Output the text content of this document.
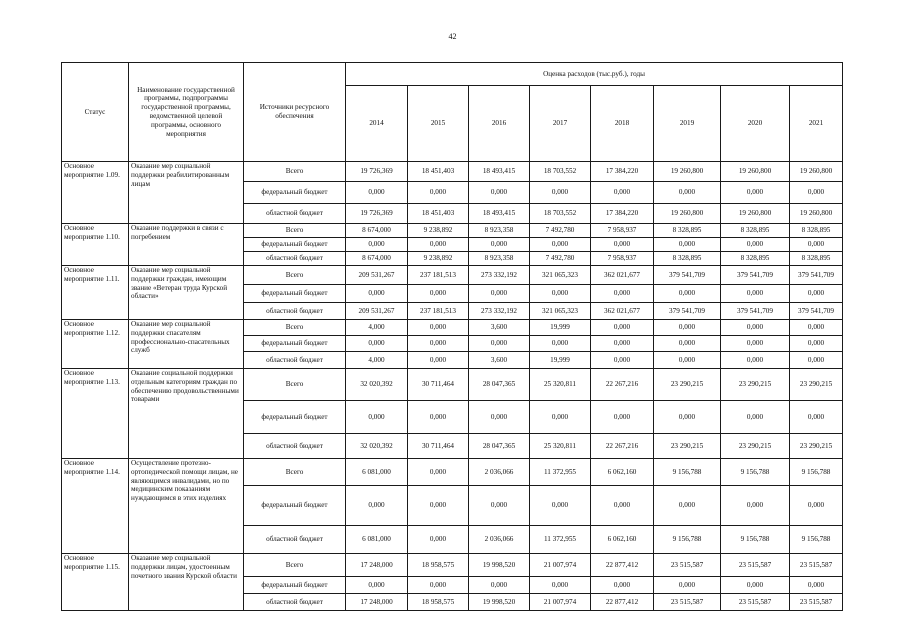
42
Статус	Наименование государственной программы, подпрограммы государственной программы, ведомственной целевой программы, основного мероприятия	Источники ресурсного обеспечения	Оценка расходов (тыс.руб.), годы							
			2014	2015	2016	2017	2018	2019	2020	2021
Основное мероприятие 1.09.	Оказание мер социальной поддержки реабилитированным лицам	Всего	19 726,369	18 451,403	18 493,415	18 703,552	17 384,220	19 260,800	19 260,800	19 260,800
		федеральный бюджет	0,000	0,000	0,000	0,000	0,000	0,000	0,000	0,000
		областной бюджет	19 726,369	18 451,403	18 493,415	18 703,552	17 384,220	19 260,800	19 260,800	19 260,800
Основное мероприятие 1.10.	Оказание поддержки в связи с погребением	Всего	8 674,000	9 238,892	8 923,358	7 492,780	7 958,937	8 328,895	8 328,895	8 328,895
		федеральный бюджет	0,000	0,000	0,000	0,000	0,000	0,000	0,000	0,000
		областной бюджет	8 674,000	9 238,892	8 923,358	7 492,780	7 958,937	8 328,895	8 328,895	8 328,895
Основное мероприятие 1.11.	Оказание мер социальной поддержки граждан, имеющим звание «Ветеран труда Курской области»	Всего	209 531,267	237 181,513	273 332,192	321 065,323	362 021,677	379 541,709	379 541,709	379 541,709
		федеральный бюджет	0,000	0,000	0,000	0,000	0,000	0,000	0,000	0,000
		областной бюджет	209 531,267	237 181,513	273 332,192	321 065,323	362 021,677	379 541,709	379 541,709	379 541,709
Основное мероприятие 1.12.	Оказание мер социальной поддержки спасателям профессионально-спасательных служб	Всего	4,000	0,000	3,600	19,999	0,000	0,000	0,000	0,000
		федеральный бюджет	0,000	0,000	0,000	0,000	0,000	0,000	0,000	0,000
		областной бюджет	4,000	0,000	3,600	19,999	0,000	0,000	0,000	0,000
Основное мероприятие 1.13.	Оказание социальной поддержки отдельным категориям граждан по обеспечению продовольственными товарами	Всего	32 020,392	30 711,464	28 047,365	25 320,811	22 267,216	23 290,215	23 290,215	23 290,215
		федеральный бюджет	0,000	0,000	0,000	0,000	0,000	0,000	0,000	0,000
		областной бюджет	32 020,392	30 711,464	28 047,365	25 320,811	22 267,216	23 290,215	23 290,215	23 290,215
Основное мероприятие 1.14.	Осуществление протезно-ортопедической помощи лицам, не являющимся инвалидами, но по медицинским показаниям нуждающимся в этих изделиях	Всего	6 081,000	0,000	2 036,066	11 372,955	6 062,160	9 156,788	9 156,788	9 156,788
		федеральный бюджет	0,000	0,000	0,000	0,000	0,000	0,000	0,000	0,000
		областной бюджет	6 081,000	0,000	2 036,066	11 372,955	6 062,160	9 156,788	9 156,788	9 156,788
Основное мероприятие 1.15.	Оказание мер социальной поддержки лицам, удостоенным почетного звания Курской области	Всего	17 248,000	18 958,575	19 998,520	21 007,974	22 877,412	23 515,587	23 515,587	23 515,587
		федеральный бюджет	0,000	0,000	0,000	0,000	0,000	0,000	0,000	0,000
		областной бюджет	17 248,000	18 958,575	19 998,520	21 007,974	22 877,412	23 515,587	23 515,587	23 515,587
